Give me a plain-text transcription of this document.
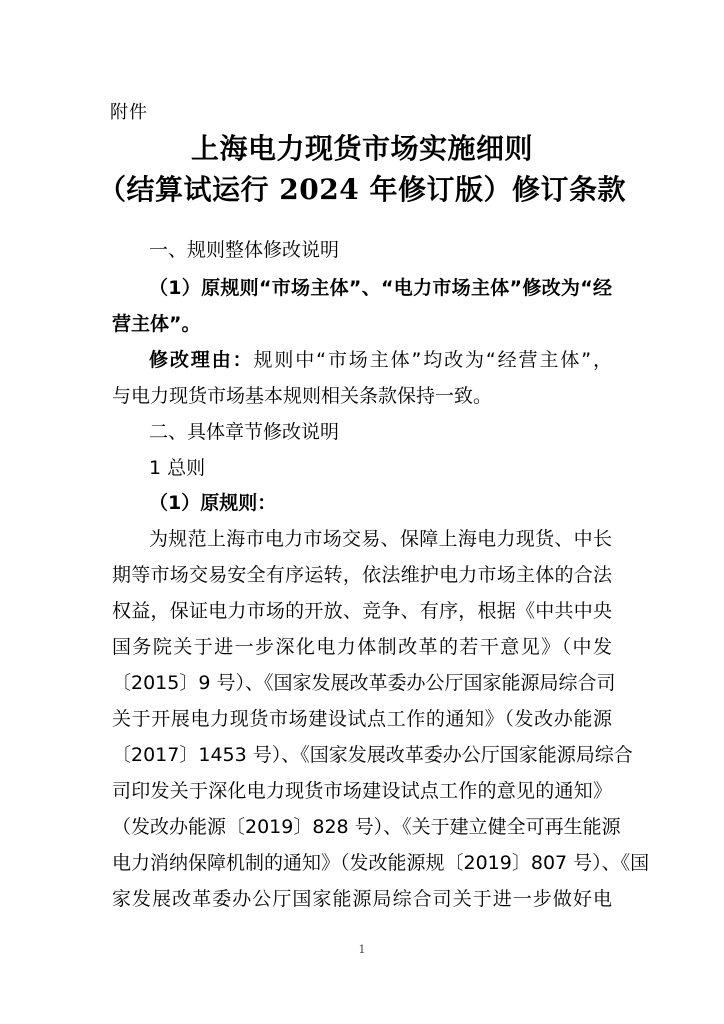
附件
上海电力现货市场实施细则
（结算试运行 2024 年修订版）修订条款
一、规则整体修改说明
（1）原规则“市场主体”、“电力市场主体”修改为“经
营主体”。
修改理由：规则中“市场主体”均改为“经营主体”，
与电力现货市场基本规则相关条款保持一致。
二、具体章节修改说明
1 总则
（1）原规则：
为规范上海市电力市场交易、保障上海电力现货、中长
期等市场交易安全有序运转，依法维护电力市场主体的合法
权益，保证电力市场的开放、竞争、有序，根据《中共中央
国务院关于进一步深化电力体制改革的若干意见》（中发
〔2015〕9 号）、《国家发展改革委办公厅国家能源局综合司
关于开展电力现货市场建设试点工作的通知》（发改办能源
〔2017〕1453 号）、《国家发展改革委办公厅国家能源局综合
司印发关于深化电力现货市场建设试点工作的意见的通知》
（发改办能源〔2019〕828 号）、《关于建立健全可再生能源
电力消纳保障机制的通知》（发改能源规〔2019〕807 号）、《国
家发展改革委办公厅国家能源局综合司关于进一步做好电
1
